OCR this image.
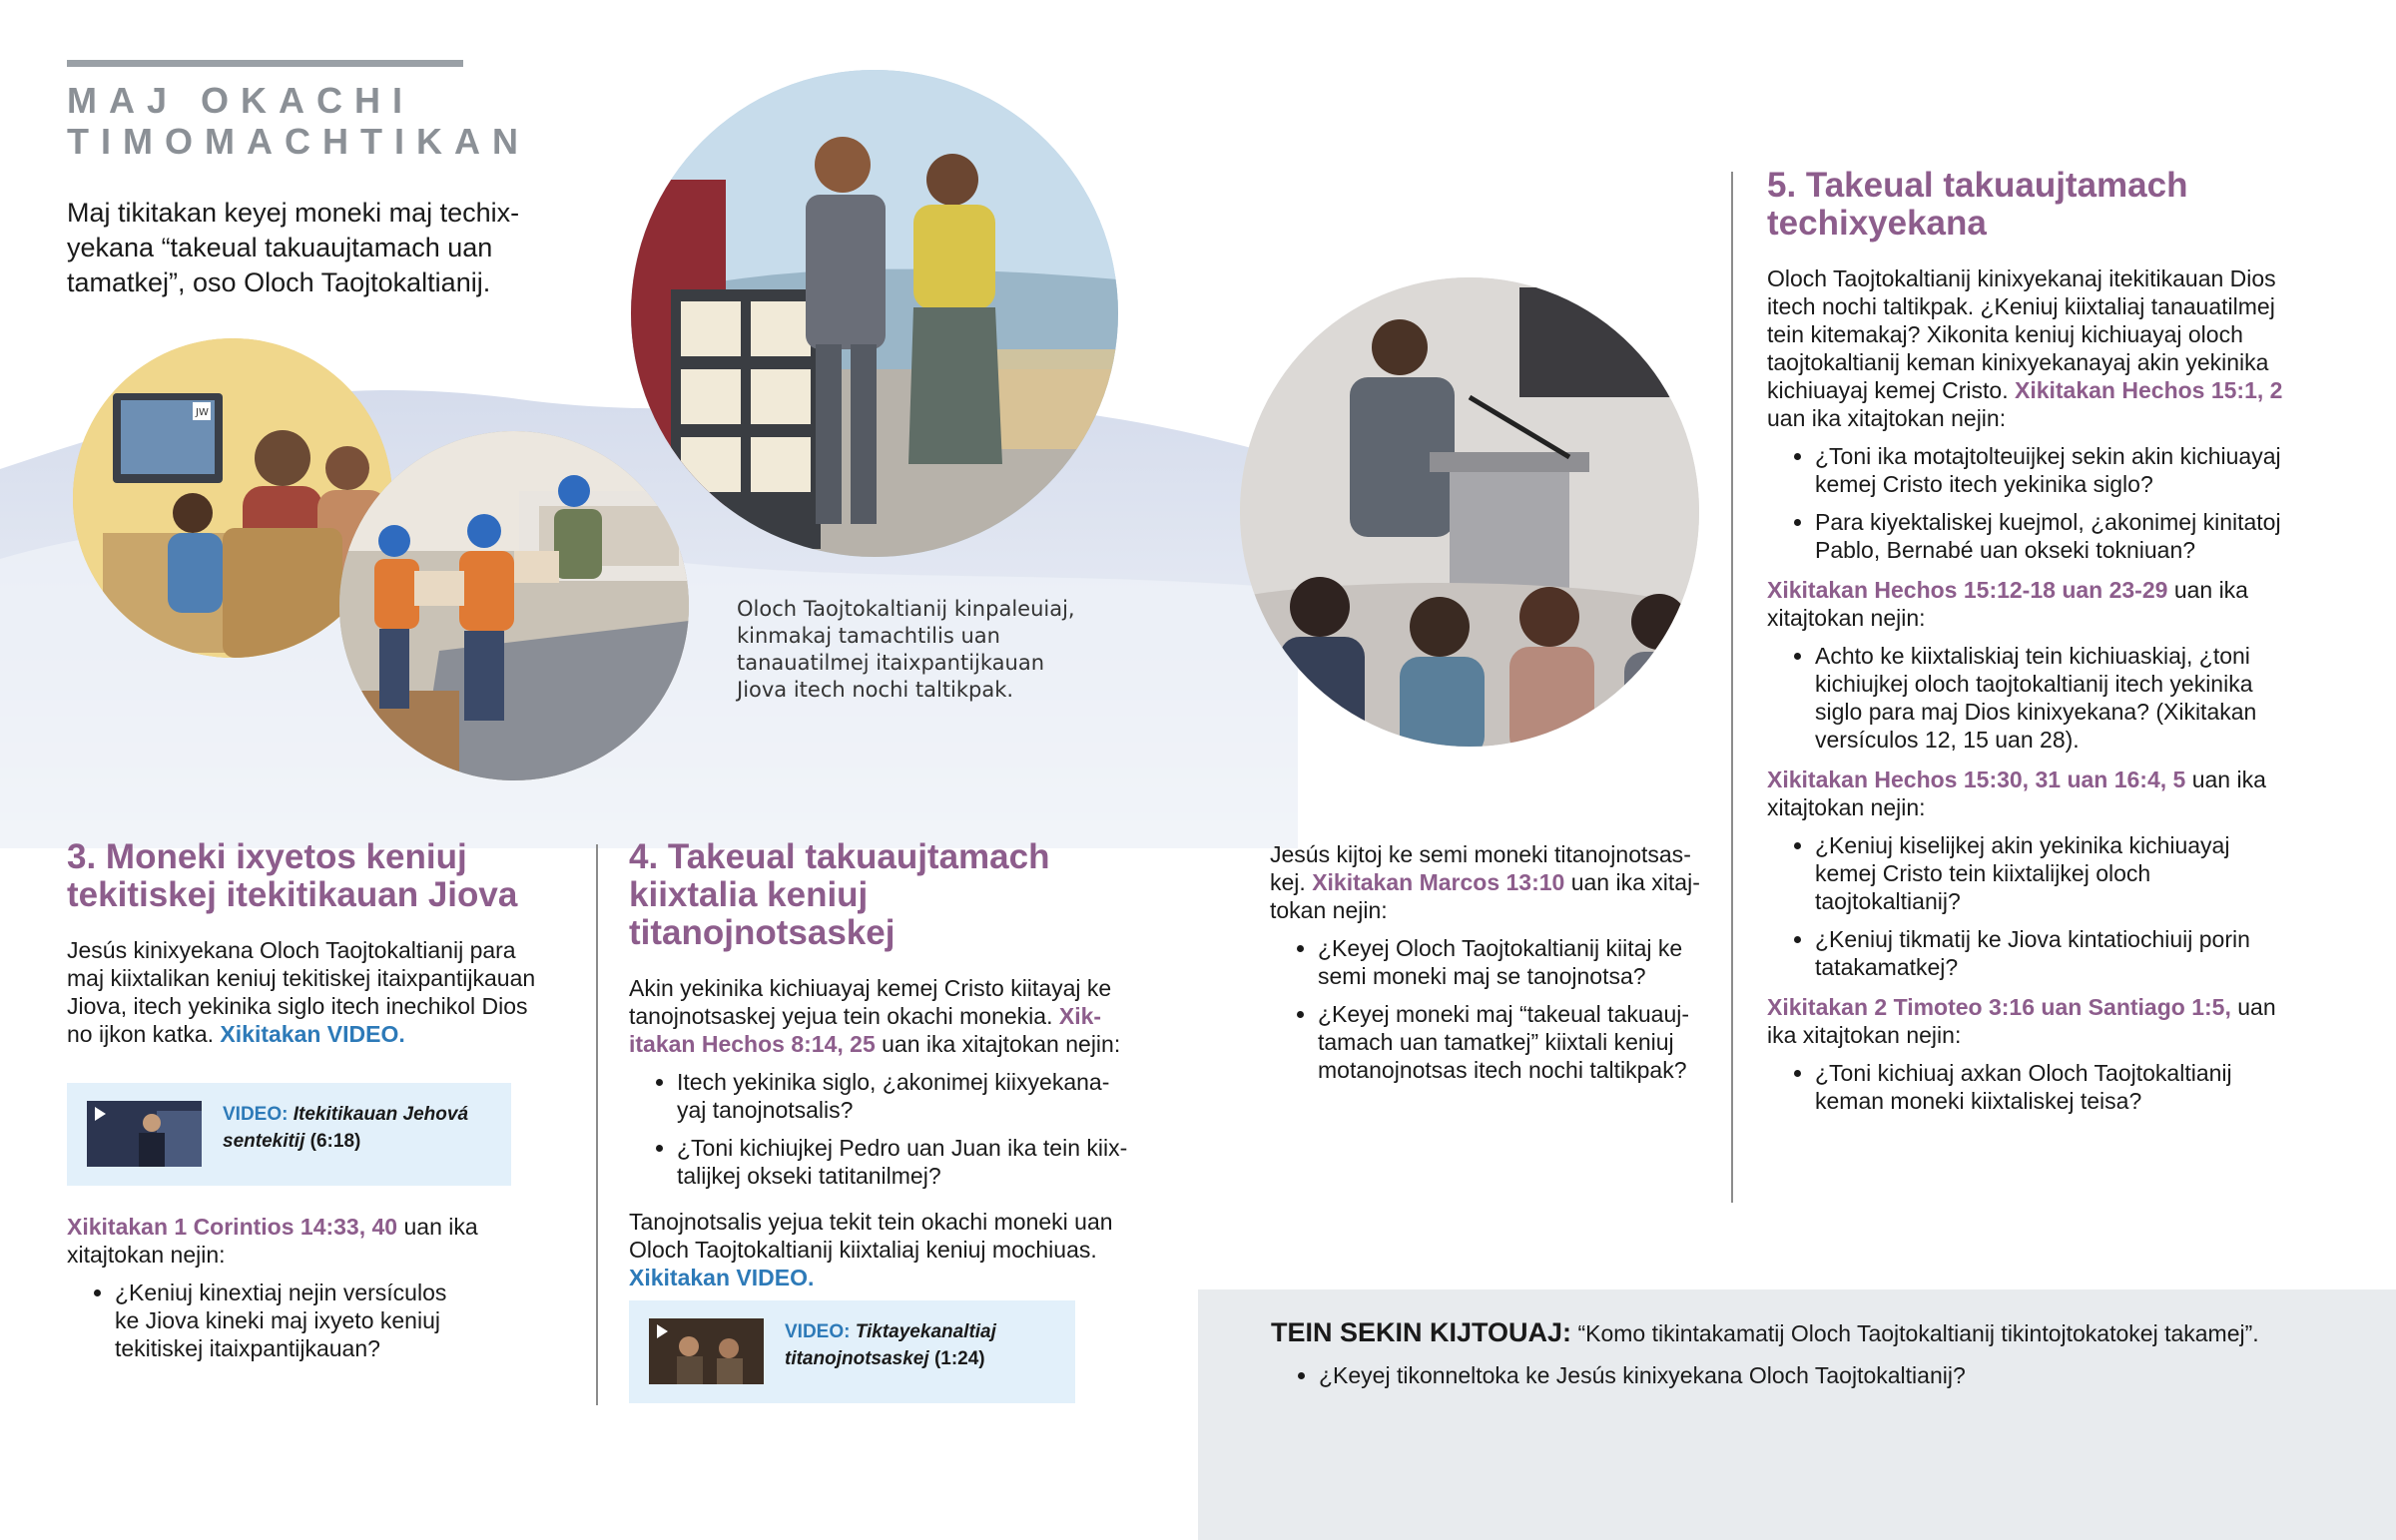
MAJ OKACHI
TIMOMACHTIKAN
Maj tikitakan keyej moneki maj techixyekana “takeual takuaujtamach uan tamatkej”, oso Oloch Taojtokaltianij.
JW
Oloch Taojtokaltianij kinpaleuiaj, kinmakaj tamachtilis uan tanauatilmej itaixpantijkauan Jiova itech nochi taltikpak.
3. Moneki ixyetos keniuj tekitiskej itekitikauan Jiova
Jesús kinixyekana Oloch Taojtokaltianij para maj kiixtalikan keniuj tekitiskej itaixpantijkauan Jiova, itech yekinika siglo itech inechikol Dios no ijkon katka. Xikitakan VIDEO.
VIDEO: Itekitikauan Jehová sentekitij (6:18)
Xikitakan 1 Corintios 14:33, 40 uan ika xitajtokan nejin:
• ¿Keniuj kinextiaj nejin versículos ke Jiova kineki maj ixyeto keniuj tekitiskej itaixpantijkauan?
4. Takeual takuaujtamach kiixtalia keniuj titanojnotsaskej
Akin yekinika kichiuayaj kemej Cristo kiitayaj ke tanojnotsaskej yejua tein okachi monekia. Xikitakan Hechos 8:14, 25 uan ika xitajtokan nejin:
• Itech yekinika siglo, ¿akonimej kiixyekanayaj tanojnotsalis?
• ¿Toni kichiujkej Pedro uan Juan ika tein kiixtalijkej okseki tatitanilmej?
Tanojnotsalis yejua tekit tein okachi moneki uan Oloch Taojtokaltianij kiixtaliaj keniuj mochiuas. Xikitakan VIDEO.
VIDEO: Tiktayekanaltiaj titanojnotsaskej (1:24)
Jesús kijtoj ke semi moneki titanojnotsaskej. Xikitakan Marcos 13:10 uan ika xitajtokan nejin:
• ¿Keyej Oloch Taojtokaltianij kiitaj ke semi moneki maj se tanojnotsa?
• ¿Keyej moneki maj “takeual takuaujtamach uan tamatkej” kiixtali keniuj motanojnotsas itech nochi taltikpak?
5. Takeual takuaujtamach techixyekana
Oloch Taojtokaltianij kinixyekanaj itekitikauan Dios itech nochi taltikpak. ¿Keniuj kiixtaliaj tanauatilmej tein kitemakaj? Xikonita keniuj kichiuayaj oloch taojtokaltianij keman kinixyekanayaj akin yekinika kichiuayaj kemej Cristo. Xikitakan Hechos 15:1, 2 uan ika xitajtokan nejin:
• ¿Toni ika motajtolteuijkej sekin akin kichiuayaj kemej Cristo itech yekinika siglo?
• Para kiyektaliskej kuejmol, ¿akonimej kinitatoj Pablo, Bernabé uan okseki tokniuan?
Xikitakan Hechos 15:12-18 uan 23-29 uan ika xitajtokan nejin:
• Achto ke kiixtaliskiaj tein kichiuaskiaj, ¿toni kichiujkej oloch taojtokaltianij itech yekinika siglo para maj Dios kinixyekana? (Xikitakan versículos 12, 15 uan 28).
Xikitakan Hechos 15:30, 31 uan 16:4, 5 uan ika xitajtokan nejin:
• ¿Keniuj kiselijkej akin yekinika kichiuayaj kemej Cristo tein kiixtalijkej oloch taojtokaltianij?
• ¿Keniuj tikmatij ke Jiova kintatiochiuij porin tatakamatkej?
Xikitakan 2 Timoteo 3:16 uan Santiago 1:5, uan ika xitajtokan nejin:
• ¿Toni kichiuaj axkan Oloch Taojtokaltianij keman moneki kiixtaliskej teisa?
TEIN SEKIN KIJTOUAJ: “Komo tikintakamatij Oloch Taojtokaltianij tikintojtokatokej takamej”.
• ¿Keyej tikonneltoka ke Jesús kinixyekana Oloch Taojtokaltianij?
